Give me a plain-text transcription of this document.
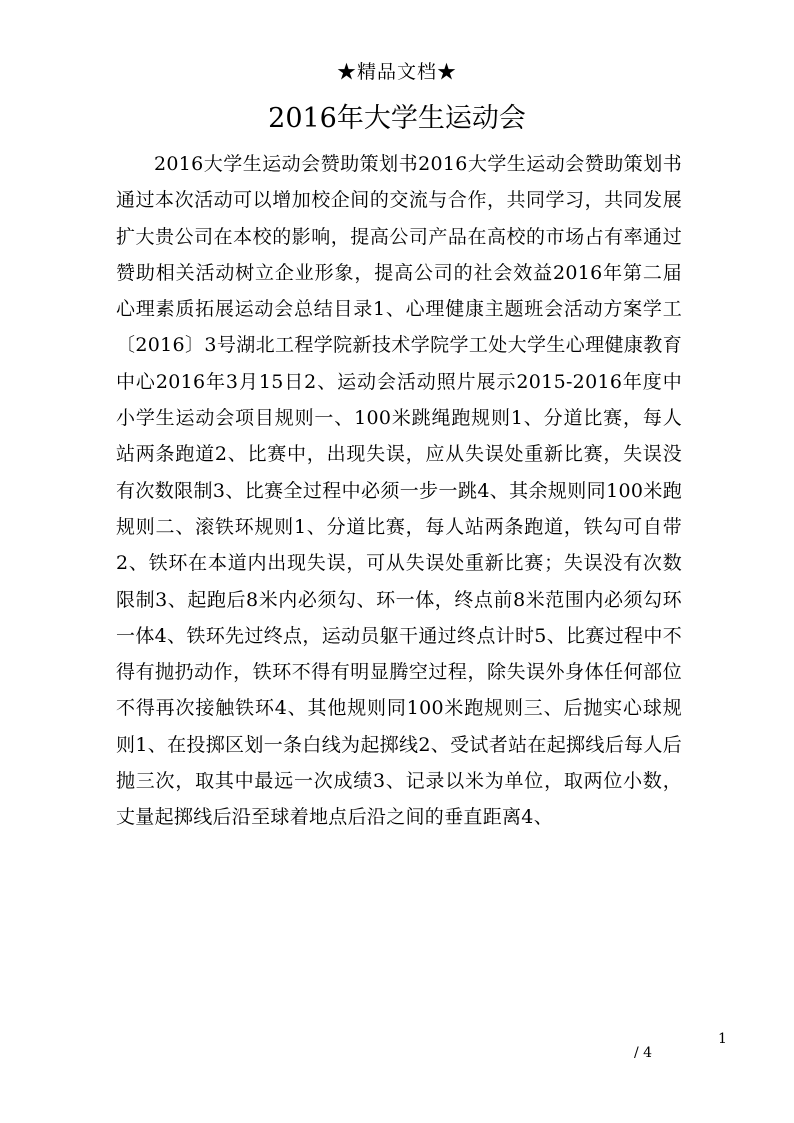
★精品文档★
2016年大学生运动会

2016大学生运动会赞助策划书2016大学生运动会赞助策划书通过本次活动可以增加校企间的交流与合作，共同学习，共同发展扩大贵公司在本校的影响，提高公司产品在高校的市场占有率通过赞助相关活动树立企业形象，提高公司的社会效益2016年第二届心理素质拓展运动会总结目录1、心理健康主题班会活动方案学工〔2016〕3号湖北工程学院新技术学院学工处大学生心理健康教育中心2016年3月15日2、运动会活动照片展示2015-2016年度中小学生运动会项目规则一、100米跳绳跑规则1、分道比赛，每人站两条跑道2、比赛中，出现失误，应从失误处重新比赛，失误没有次数限制3、比赛全过程中必须一步一跳4、其余规则同100米跑规则二、滚铁环规则1、分道比赛，每人站两条跑道，铁勾可自带2、铁环在本道内出现失误，可从失误处重新比赛；失误没有次数限制3、起跑后8米内必须勾、环一体，终点前8米范围内必须勾环一体4、铁环先过终点，运动员躯干通过终点计时5、比赛过程中不得有抛扔动作，铁环不得有明显腾空过程，除失误外身体任何部位不得再次接触铁环4、其他规则同100米跑规则三、后抛实心球规则1、在投掷区划一条白线为起掷线2、受试者站在起掷线后每人后抛三次，取其中最远一次成绩3、记录以米为单位，取两位小数，丈量起掷线后沿至球着地点后沿之间的垂直距离4、

1
/ 4
